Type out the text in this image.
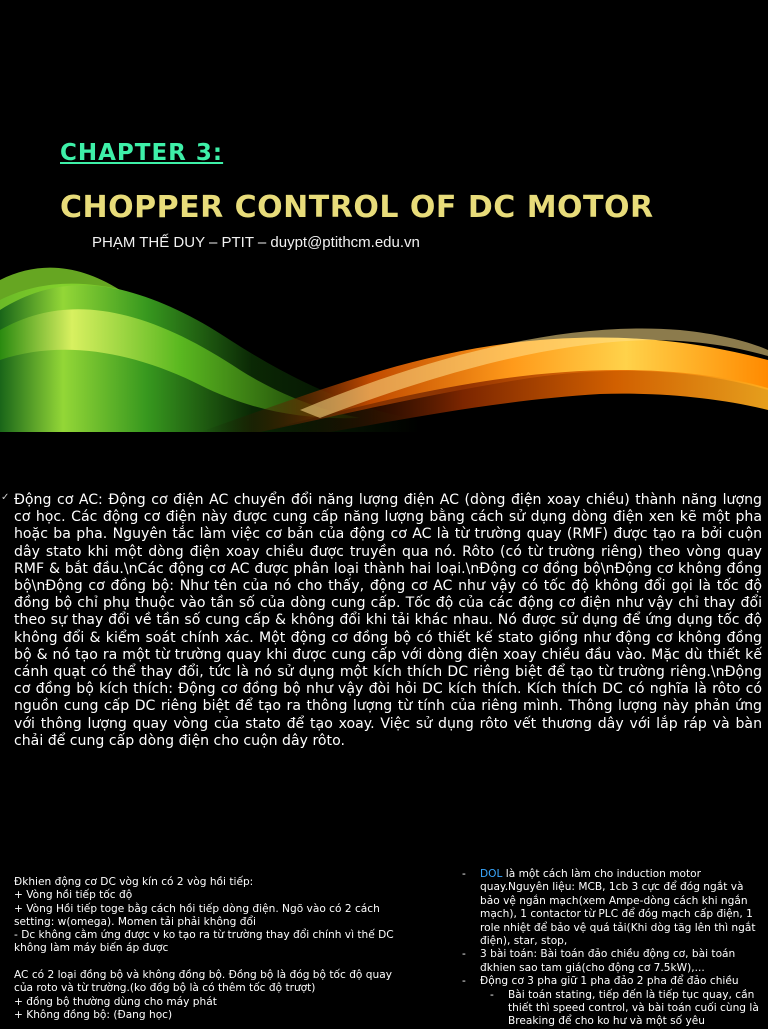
CHAPTER 3:
CHOPPER CONTROL OF DC MOTOR
PHẠM THẾ DUY – PTIT – duypt@ptithcm.edu.vn
✓ Động cơ AC: Động cơ điện AC chuyển đổi năng lượng điện AC (dòng điện xoay chiều) thành năng lượng cơ học. Các động cơ điện này được cung cấp năng lượng bằng cách sử dụng dòng điện xen kẽ một pha hoặc ba pha. Nguyên tắc làm việc cơ bản của động cơ AC là từ trường quay (RMF) được tạo ra bởi cuộn dây stato khi một dòng điện xoay chiều được truyền qua nó. Rôto (có từ trường riêng) theo vòng quay RMF & bắt đầu.\nCác động cơ AC được phân loại thành hai loại.\nĐộng cơ đồng bộ\nĐộng cơ không đồng bộ\nĐộng cơ đồng bộ: Như tên của nó cho thấy, động cơ AC như vậy có tốc độ không đổi gọi là tốc độ đồng bộ chỉ phụ thuộc vào tần số của dòng cung cấp. Tốc độ của các động cơ điện như vậy chỉ thay đổi theo sự thay đổi về tần số cung cấp & không đổi khi tải khác nhau. Nó được sử dụng để ứng dụng tốc độ không đổi & kiểm soát chính xác. Một động cơ đồng bộ có thiết kế stato giống như động cơ không đồng bộ & nó tạo ra một từ trường quay khi được cung cấp với dòng điện xoay chiều đầu vào. Mặc dù thiết kế cánh quạt có thể thay đổi, tức là nó sử dụng một kích thích DC riêng biệt để tạo từ trường riêng.\nĐộng cơ đồng bộ kích thích: Động cơ đồng bộ như vậy đòi hỏi DC kích thích. Kích thích DC có nghĩa là rôto có nguồn cung cấp DC riêng biệt để tạo ra thông lượng từ tính của riêng mình. Thông lượng này phản ứng với thông lượng quay vòng của stato để tạo xoay. Việc sử dụng rôto vết thương dây với lắp ráp và bàn chải để cung cấp dòng điện cho cuộn dây rôto.

Đkhien động cơ DC vòg kín có 2 vòg hồi tiếp:

+ Vòng hồi tiếp tốc độ

+ Vòng Hồi tiếp toge bằg cách hồi tiếp dòng điện. Ngõ vào có 2 cách setting: w(omega). Momen tải phải không đổi

- Dc không cằm ứng được v ko tạo ra từ trường thay đổi chính vì thế DC không làm máy biến áp được

AC có 2 loại đồng bộ và không đồng bộ. Đồng bộ là đóg bộ tốc độ quay của roto và từ trường.(ko đồg bộ là có thêm tốc độ trượt)

+ đồng bộ thường dùng cho máy phát

+ Không đồng bộ: (Đang học)

- DOL là một cách làm cho induction motor quay.Nguyên liệu: MCB, 1cb 3 cực để đóg ngắt và bảo vệ ngắn mạch(xem Ampe-dòng cách khi ngắn mạch), 1 contactor từ PLC để đóg mạch cấp điện, 1 role nhiệt để bảo vệ quá tải(Khi dòg tăg lên thì ngắt điện), star, stop,
- 3 bài toán: Bài toán đảo chiều động cơ, bài toán đkhien sao tam giá(cho động cơ 7.5kW),...
- Động cơ 3 pha giữ 1 pha đảo 2 pha để đảo chiều
- Bài toán stating, tiếp đến là tiếp tục quay, cần thiết thì speed control, và bài toán cuối cùng là Breaking để cho ko hư và một số yêu
